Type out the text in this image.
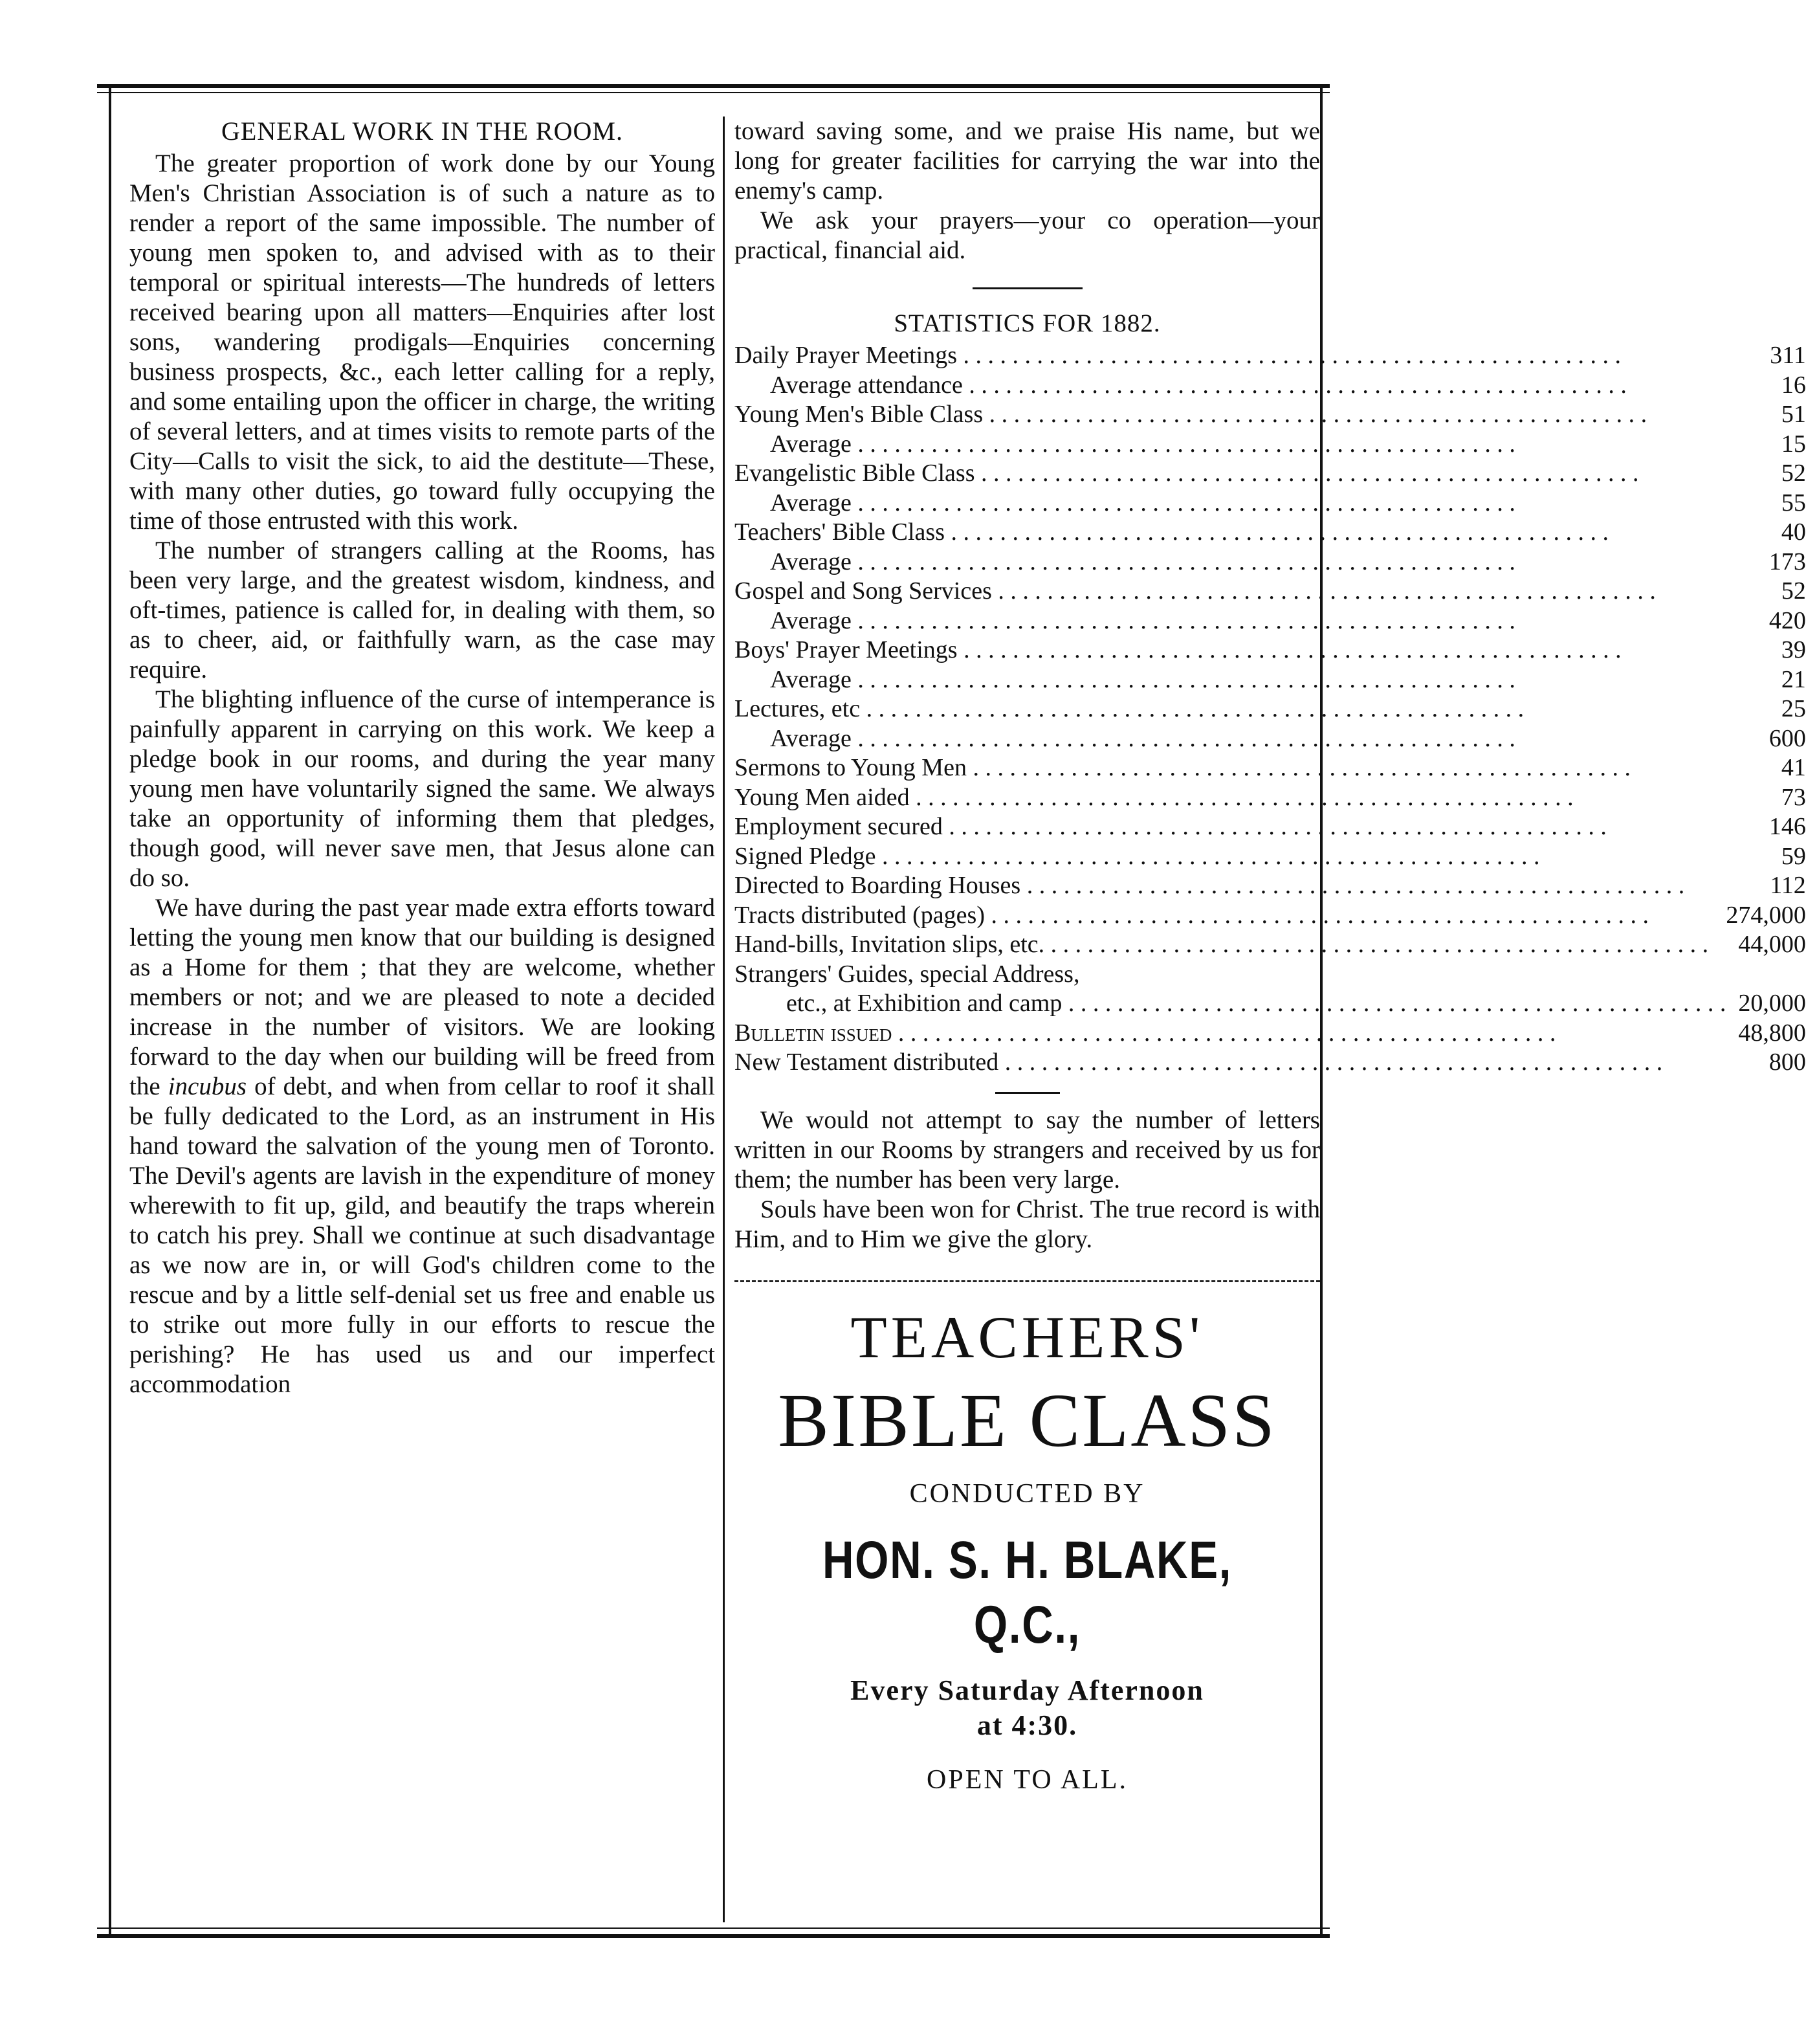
GENERAL WORK IN THE ROOM.

The greater proportion of work done by our Young Men's Christian Association is of such a nature as to render a report of the same impossible. The number of young men spoken to, and advised with as to their temporal or spiritual interests—The hundreds of letters received bearing upon all matters—Enquiries after lost sons, wandering prodigals—Enquiries concerning business prospects, &c., each letter calling for a reply, and some entailing upon the officer in charge, the writing of several letters, and at times visits to remote parts of the City—Calls to visit the sick, to aid the destitute—These, with many other duties, go toward fully occupying the time of those entrusted with this work.

The number of strangers calling at the Rooms, has been very large, and the greatest wisdom, kindness, and oft-times, patience is called for, in dealing with them, so as to cheer, aid, or faithfully warn, as the case may require.

The blighting influence of the curse of intemperance is painfully apparent in carrying on this work. We keep a pledge book in our rooms, and during the year many young men have voluntarily signed the same. We always take an opportunity of informing them that pledges, though good, will never save men, that Jesus alone can do so.

We have during the past year made extra efforts toward letting the young men know that our building is designed as a Home for them ; that they are welcome, whether members or not; and we are pleased to note a decided increase in the number of visitors. We are looking forward to the day when our building will be freed from the incubus of debt, and when from cellar to roof it shall be fully dedicated to the Lord, as an instrument in His hand toward the salvation of the young men of Toronto. The Devil's agents are lavish in the expenditure of money wherewith to fit up, gild, and beautify the traps wherein to catch his prey. Shall we continue at such disadvantage as we now are in, or will God's children come to the rescue and by a little self-denial set us free and enable us to strike out more fully in our efforts to rescue the perishing? He has used us and our imperfect accommodation

toward saving some, and we praise His name, but we long for greater facilities for carrying the war into the enemy's camp.

We ask your prayers—your co operation—your practical, financial aid.

STATISTICS FOR 1882.
Daily Prayer Meetings . . .	311

Average attendance . . .	16

Young Men's Bible Class . . .	51

Average . . .	15

Evangelistic Bible Class . . .	52

Average . . .	55

Teachers' Bible Class . . .	40

Average . . .	173

Gospel and Song Services . . .	52

Average . . .	420

Boys' Prayer Meetings . . .	39

Average . . .	21

Lectures, etc . . .	25

Average . . .	600

Sermons to Young Men . . .	41

Young Men aided . . .	73

Employment secured . . .	146

Signed Pledge . . .	59

Directed to Boarding Houses . . .	112

Tracts distributed (pages) . . .	274,000

Hand-bills, Invitation slips, etc. . . .	44,000

Strangers' Guides, special Address,	

etc., at Exhibition and camp . . .	20,000

Bulletin issued . . .	48,800

New Testament distributed . . .	800

We would not attempt to say the number of letters written in our Rooms by strangers and received by us for them; the number has been very large.

Souls have been won for Christ. The true record is with Him, and to Him we give the glory.

TEACHERS'
BIBLE CLASS
CONDUCTED BY
HON. S. H. BLAKE, Q.C.,
Every Saturday Afternoon
at 4:30.
OPEN TO ALL.
